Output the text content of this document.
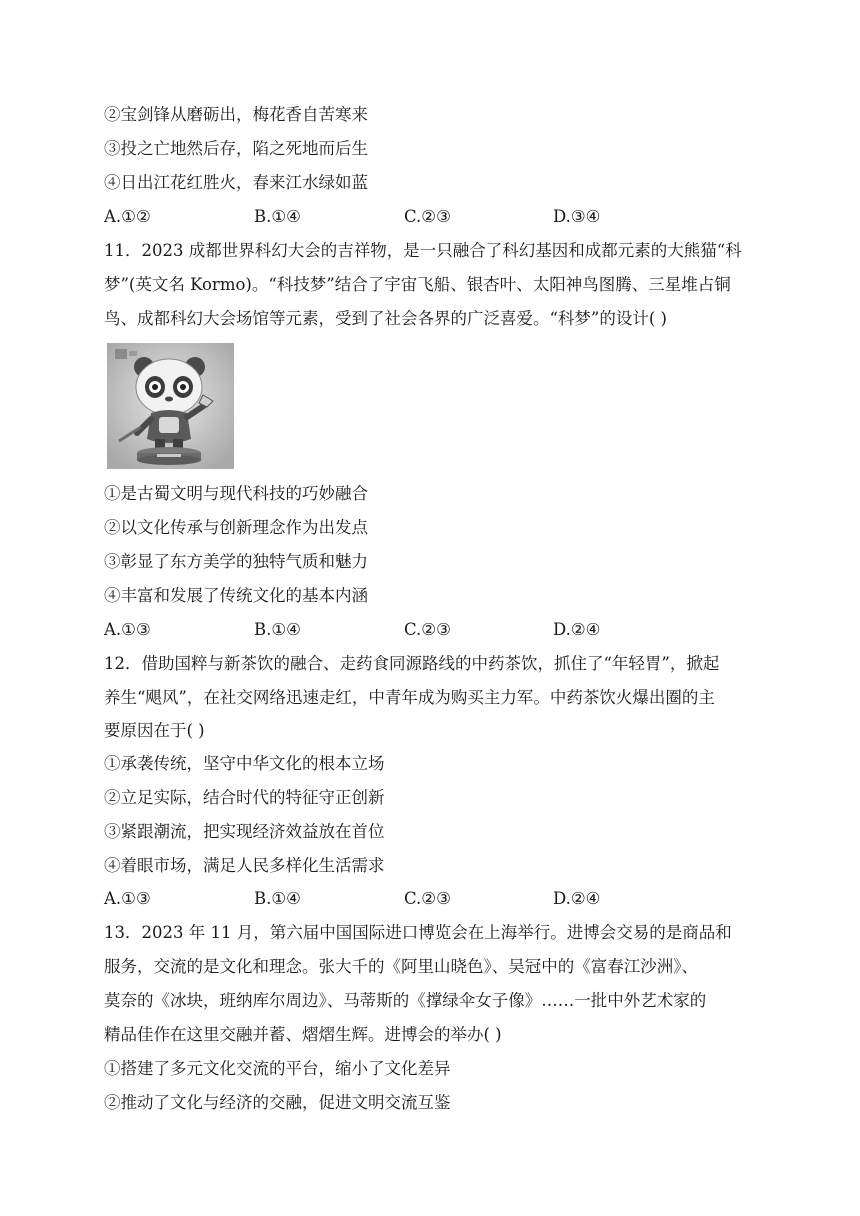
②宝剑锋从磨砺出，梅花香自苦寒来
③投之亡地然后存，陷之死地而后生
④日出江花红胜火，春来江水绿如蓝
A.①②	B.①④	C.②③	D.③④
11．2023 成都世界科幻大会的吉祥物，是一只融合了科幻基因和成都元素的大熊猫“科
梦”(英文名 Kormo)。“科技梦”结合了宇宙飞船、银杏叶、太阳神鸟图腾、三星堆占铜
鸟、成都科幻大会场馆等元素，受到了社会各界的广泛喜爱。“科梦”的设计( )
①是古蜀文明与现代科技的巧妙融合
②以文化传承与创新理念作为出发点
③彰显了东方美学的独特气质和魅力
④丰富和发展了传统文化的基本内涵
A.①③	B.①④	C.②③	D.②④
12．借助国粹与新茶饮的融合、走药食同源路线的中药茶饮，抓住了“年轻胃”，掀起
养生“飓风”，在社交网络迅速走红，中青年成为购买主力军。中药茶饮火爆出圈的主
要原因在于( )
①承袭传统，坚守中华文化的根本立场
②立足实际，结合时代的特征守正创新
③紧跟潮流，把实现经济效益放在首位
④着眼市场，满足人民多样化生活需求
A.①③	B.①④	C.②③	D.②④
13．2023 年 11 月，第六届中国国际进口博览会在上海举行。进博会交易的是商品和
服务，交流的是文化和理念。张大千的《阿里山晓色》、吴冠中的《富春江沙洲》、
莫奈的《冰块，班纳库尔周边》、马蒂斯的《撑绿伞女子像》……一批中外艺术家的
精品佳作在这里交融并蓄、熠熠生辉。进博会的举办( )
①搭建了多元文化交流的平台，缩小了文化差异
②推动了文化与经济的交融，促进文明交流互鉴
